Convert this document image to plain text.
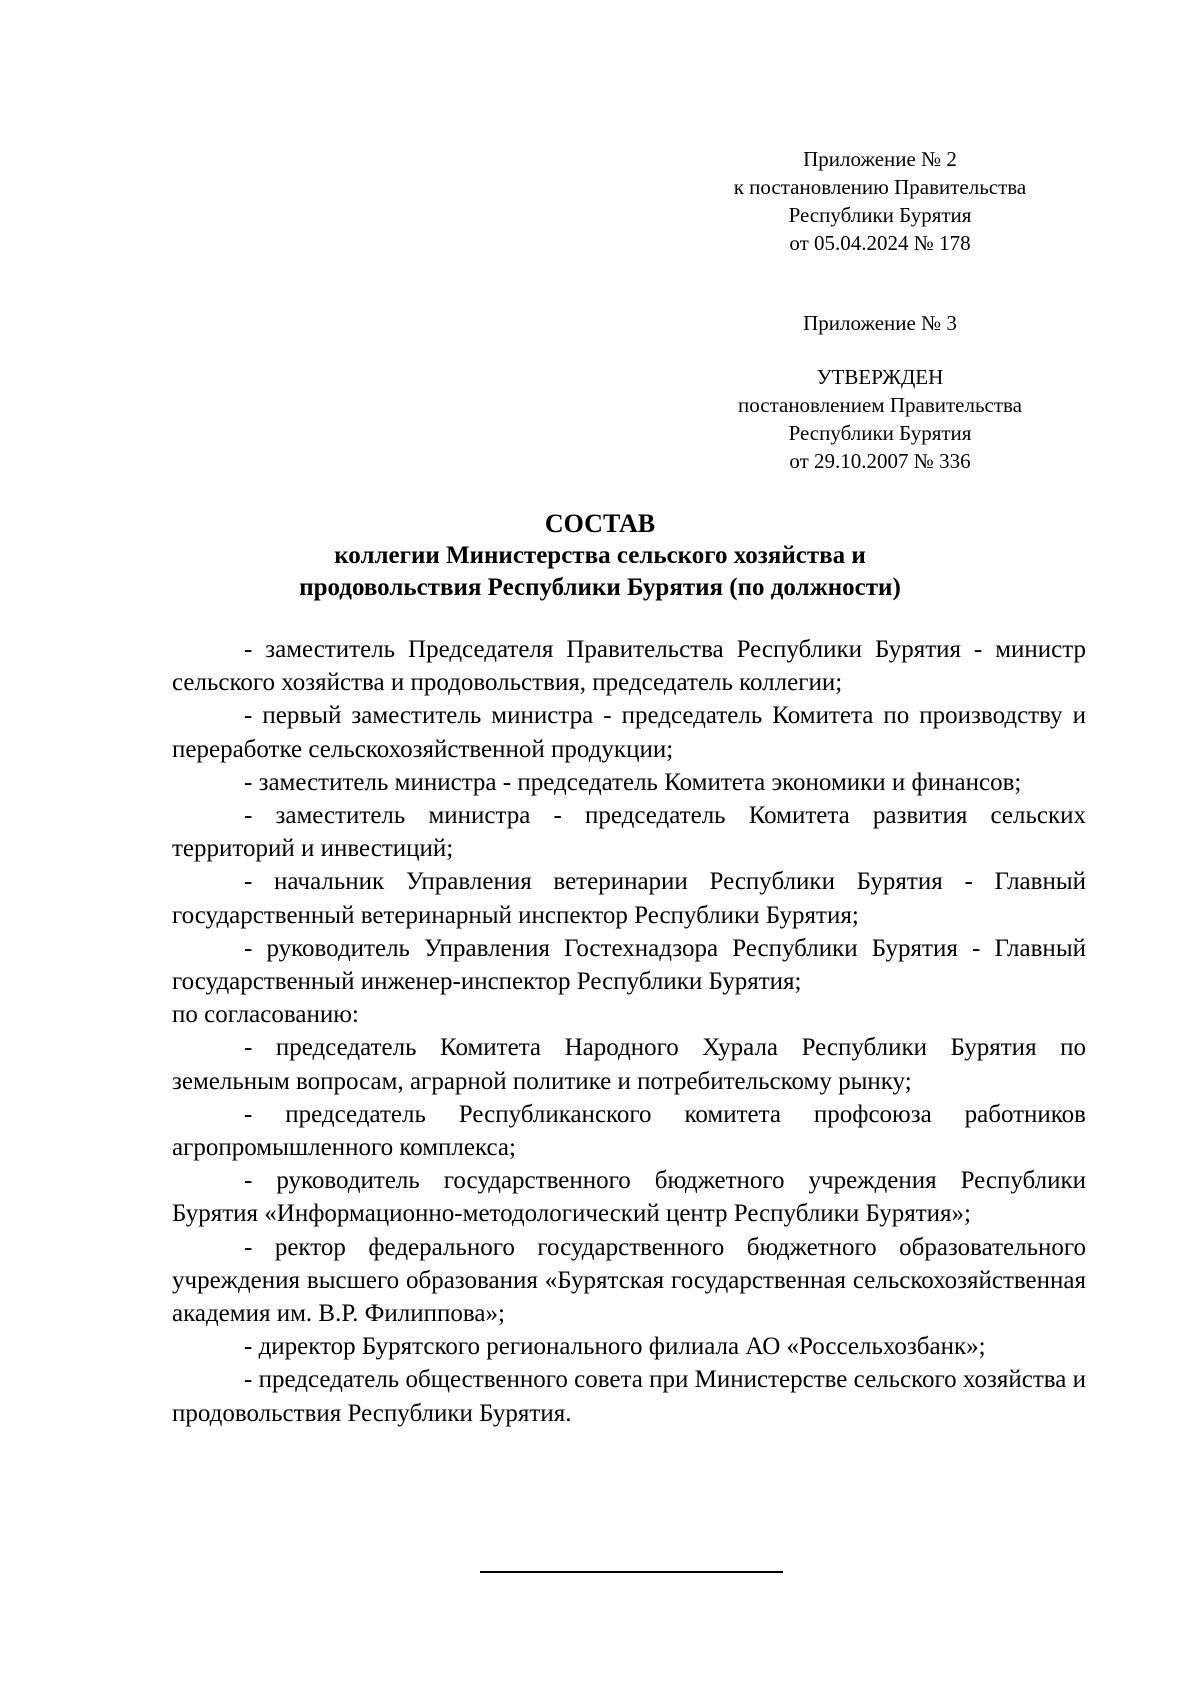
Приложение № 2
к постановлению Правительства
Республики Бурятия
от 05.04.2024 № 178
Приложение № 3
УТВЕРЖДЕН
постановлением Правительства
Республики Бурятия
от 29.10.2007 № 336
СОСТАВ
коллегии Министерства сельского хозяйства и
продовольствия Республики Бурятия (по должности)

- заместитель Председателя Правительства Республики Бурятия - министр сельского хозяйства и продовольствия, председатель коллегии;

- первый заместитель министра - председатель Комитета по производству и переработке сельскохозяйственной продукции;

- заместитель министра - председатель Комитета экономики и финансов;

- заместитель министра - председатель Комитета развития сельских территорий и инвестиций;

- начальник Управления ветеринарии Республики Бурятия - Главный государственный ветеринарный инспектор Республики Бурятия;

- руководитель Управления Гостехнадзора Республики Бурятия - Главный государственный инженер-инспектор Республики Бурятия;

по согласованию:

- председатель Комитета Народного Хурала Республики Бурятия по земельным вопросам, аграрной политике и потребительскому рынку;

- председатель Республиканского комитета профсоюза работников агропромышленного комплекса;

- руководитель государственного бюджетного учреждения Республики Бурятия «Информационно-методологический центр Республики Бурятия»;

- ректор федерального государственного бюджетного образовательного учреждения высшего образования «Бурятская государственная сельскохозяйственная академия им. В.Р. Филиппова»;

- директор Бурятского регионального филиала АО «Россельхозбанк»;

- председатель общественного совета при Министерстве сельского хозяйства и продовольствия Республики Бурятия.
